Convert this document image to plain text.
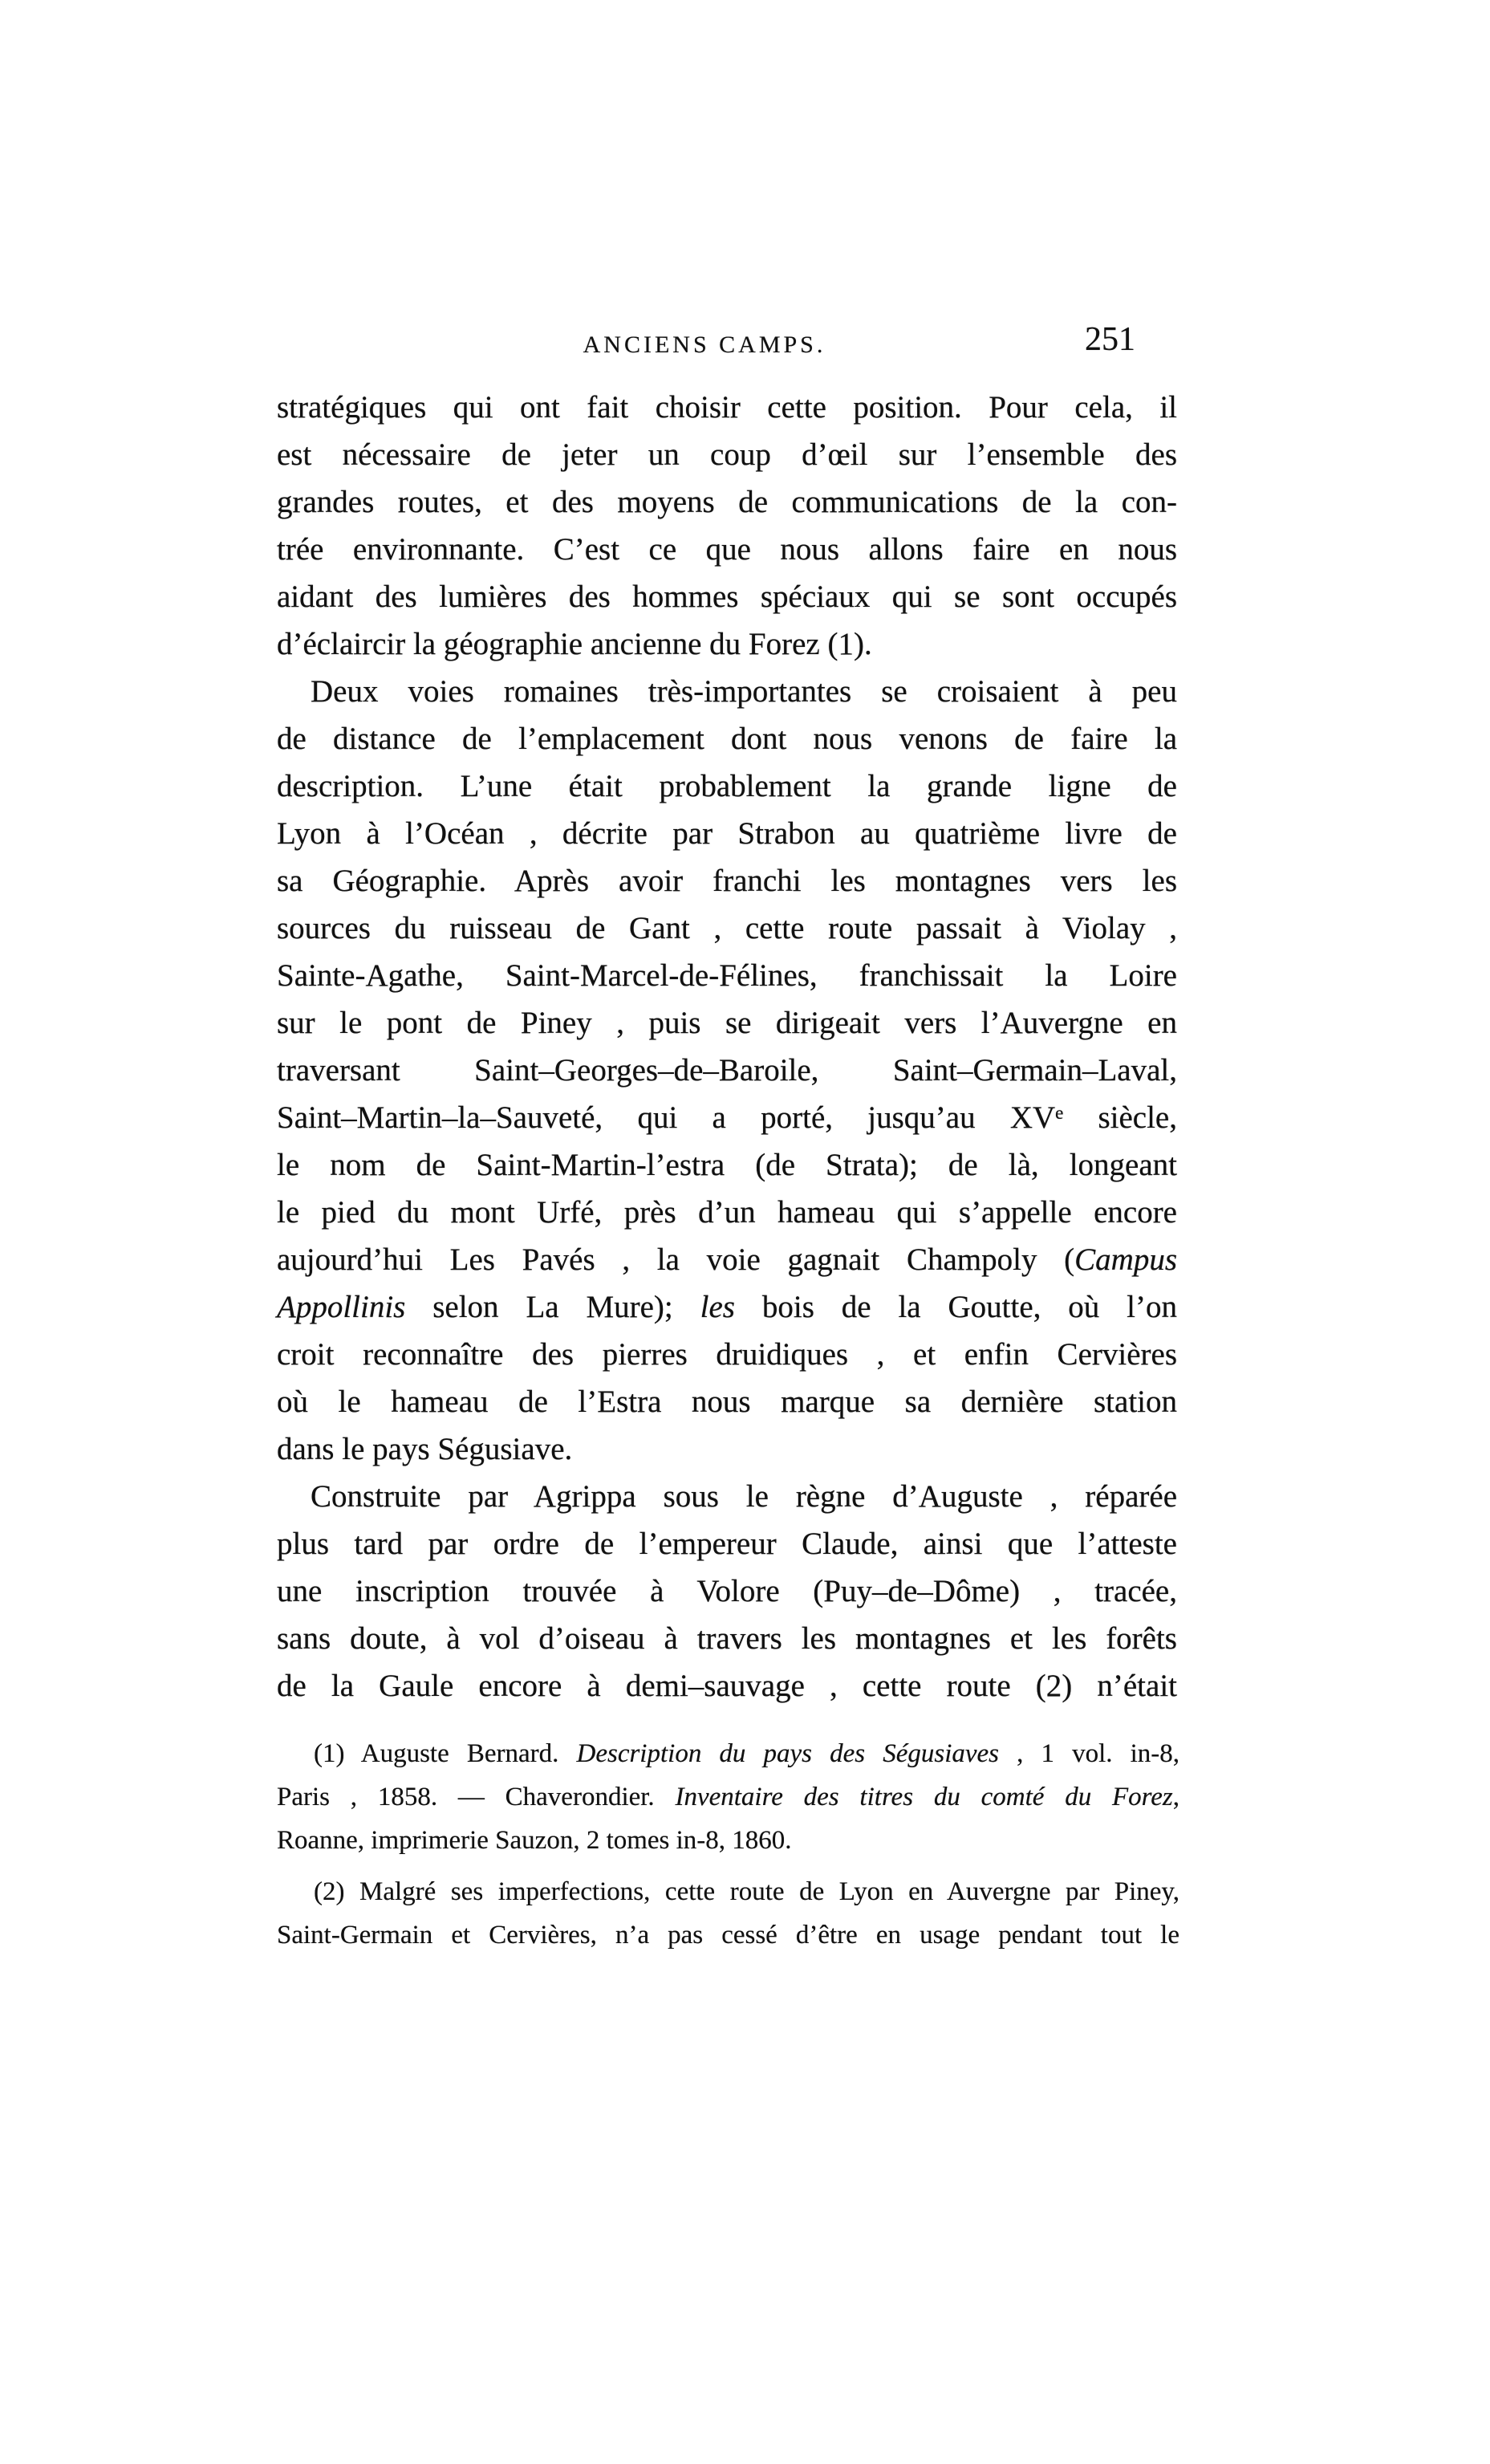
ANCIENS CAMPS.	251
stratégiques qui ont fait choisir cette position. Pour cela, il
est nécessaire de jeter un coup d’œil sur l’ensemble des
grandes routes, et des moyens de communications de la con-
trée environnante. C’est ce que nous allons faire en nous
aidant des lumières des hommes spéciaux qui se sont occupés
d’éclaircir la géographie ancienne du Forez (1).
Deux voies romaines très-importantes se croisaient à peu
de distance de l’emplacement dont nous venons de faire la
description. L’une était probablement la grande ligne de
Lyon à l’Océan , décrite par Strabon au quatrième livre de
sa Géographie. Après avoir franchi les montagnes vers les
sources du ruisseau de Gant , cette route passait à Violay ,
Sainte-Agathe, Saint-Marcel-de-Félines, franchissait la Loire
sur le pont de Piney , puis se dirigeait vers l’Auvergne en
traversant Saint–Georges–de–Baroile, Saint–Germain–Laval,
Saint–Martin–la–Sauveté, qui a porté, jusqu’au XVᵉ siècle,
le nom de Saint-Martin-l’estra (de Strata); de là, longeant
le pied du mont Urfé, près d’un hameau qui s’appelle encore
aujourd’hui Les Pavés , la voie gagnait Champoly (Campus
Appollinis selon La Mure); les bois de la Goutte, où l’on
croit reconnaître des pierres druidiques , et enfin Cervières
où le hameau de l’Estra nous marque sa dernière station
dans le pays Ségusiave.
Construite par Agrippa sous le règne d’Auguste , réparée
plus tard par ordre de l’empereur Claude, ainsi que l’atteste
une inscription trouvée à Volore (Puy–de–Dôme) , tracée,
sans doute, à vol d’oiseau à travers les montagnes et les forêts
de la Gaule encore à demi–sauvage , cette route (2) n’était
(1) Auguste Bernard. Description du pays des Ségusiaves , 1 vol. in-8,
Paris , 1858. — Chaverondier. Inventaire des titres du comté du Forez,
Roanne, imprimerie Sauzon, 2 tomes in-8, 1860.
(2) Malgré ses imperfections, cette route de Lyon en Auvergne par Piney,
Saint-Germain et Cervières, n’a pas cessé d’être en usage pendant tout le
